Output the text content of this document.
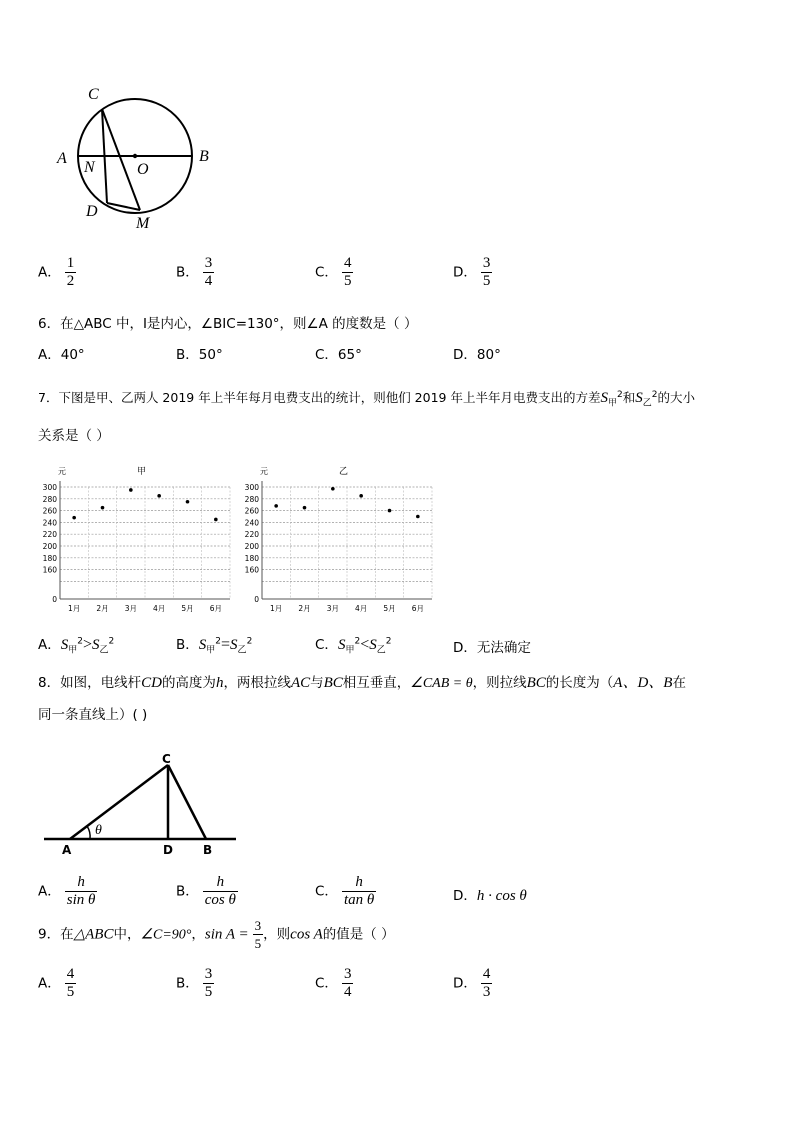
C
A
N	O
B
D
M
A． $\frac{1}{2}$	B． $\frac{3}{4}$	C． $\frac{4}{5}$	D． $\frac{3}{5}$
6．在△ABC 中，I是内心，∠BIC=130°，则∠A 的度数是（ ）
A．40°	B．50°	C．65°	D．80°
7．下图是甲、乙两人 2019 年上半年每月电费支出的统计，则他们 2019 年上半年月电费支出的方差$S_甲^2$和$S_乙^2$的大小
关系是（ ）
元	甲
300
280
260
240
220
200
180
160
0
1月 2月 3月 4月 5月 6月
元	乙
300
280
260
240
220
200
180
160
0
1月 2月 3月 4月 5月 6月
A．$S_甲^2>S_乙^2$	B．$S_甲^2=S_乙^2$	C．$S_甲^2<S_乙^2$	D．无法确定
8．如图，电线杆CD的高度为h，两根拉线AC与BC相互垂直，∠CAB = θ，则拉线BC的长度为（A、D、B在
同一条直线上）( )
C
θ
A	D	B
A． $\frac{h}{\text{sin θ}}$	B． $\frac{h}{\text{cos θ}}$	C． $\frac{h}{\text{tan θ}}$	D．h · cos θ
9．在△ABC中，∠C=90°，$\sin A = \frac{3}{5}$ ，则cos A的值是（ ）
A． $\frac{4}{5}$	B． $\frac{3}{5}$	C． $\frac{3}{4}$	D． $\frac{4}{3}$
